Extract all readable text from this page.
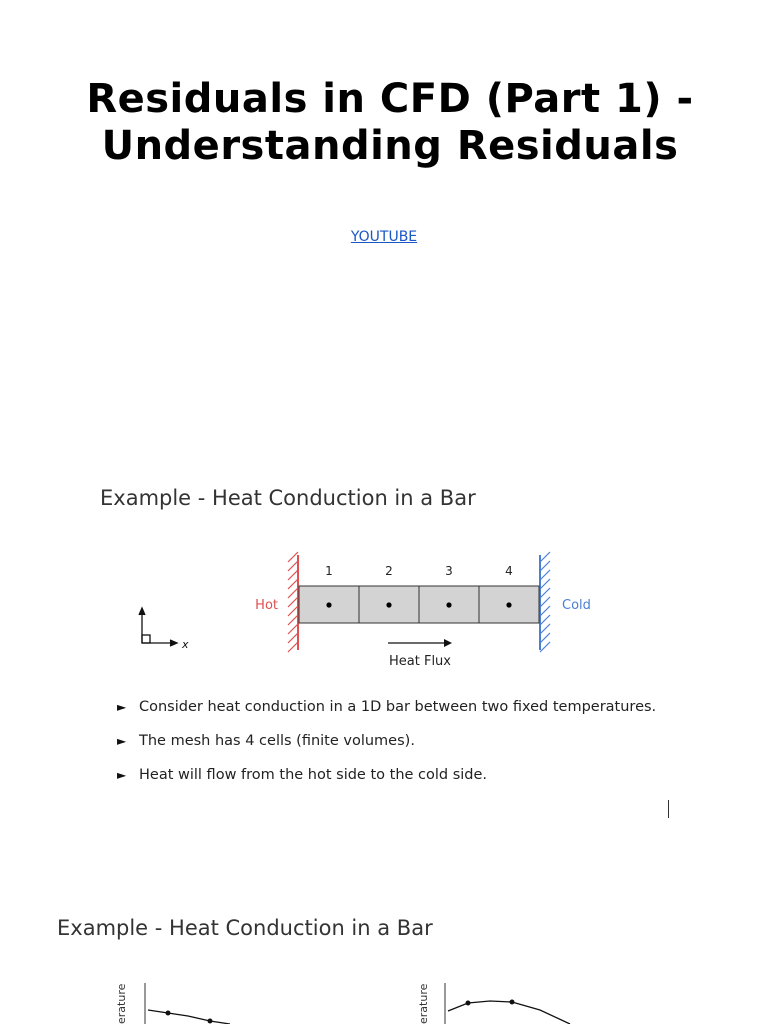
Residuals in CFD (Part 1) - Understanding Residuals
YOUTUBE
Example - Heat Conduction in a Bar
1	2	3	4
Hot	Cold
x
Heat Flux
► Consider heat conduction in a 1D bar between two fixed temperatures.
► The mesh has 4 cells (finite volumes).
► Heat will flow from the hot side to the cold side.
Example - Heat Conduction in a Bar
erature	erature
